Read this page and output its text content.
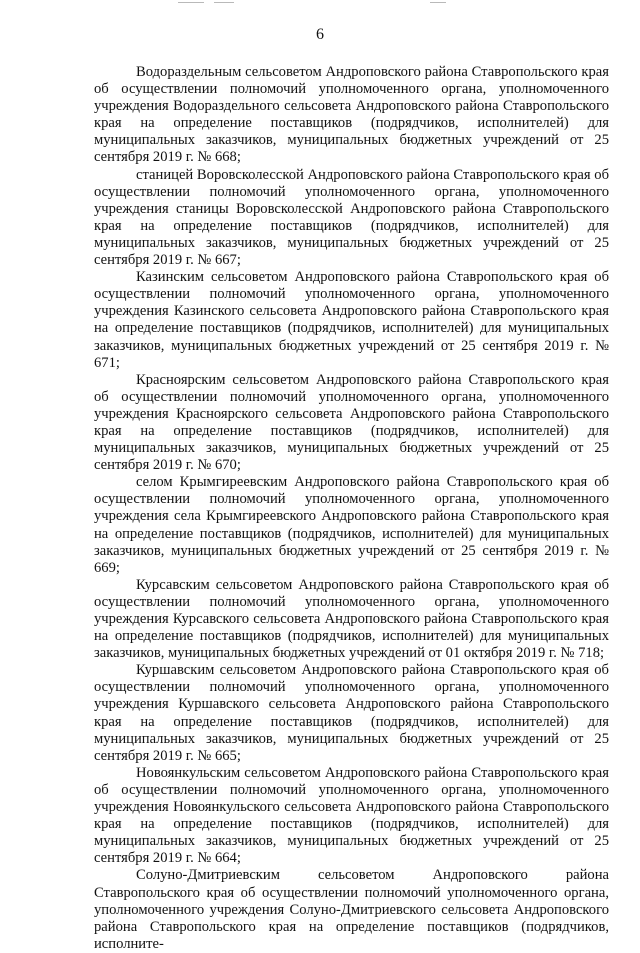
6

Водораздельным сельсоветом Андроповского района Ставропольского края об осуществлении полномочий уполномоченного органа, уполномоченного учреждения Водораздельного сельсовета Андроповского района Ставропольского края на определение поставщиков (подрядчиков, исполнителей) для муниципальных заказчиков, муниципальных бюджетных учреждений от 25 сентября 2019 г. № 668;

станицей Воровсколесской Андроповского района Ставропольского края об осуществлении полномочий уполномоченного органа, уполномоченного учреждения станицы Воровсколесской Андроповского района Ставропольского края на определение поставщиков (подрядчиков, исполнителей) для муниципальных заказчиков, муниципальных бюджетных учреждений от 25 сентября 2019 г. № 667;

Казинским сельсоветом Андроповского района Ставропольского края об осуществлении полномочий уполномоченного органа, уполномоченного учреждения Казинского сельсовета Андроповского района Ставропольского края на определение поставщиков (подрядчиков, исполнителей) для муниципальных заказчиков, муниципальных бюджетных учреждений от 25 сентября 2019 г. № 671;

Красноярским сельсоветом Андроповского района Ставропольского края об осуществлении полномочий уполномоченного органа, уполномоченного учреждения Красноярского сельсовета Андроповского района Ставропольского края на определение поставщиков (подрядчиков, исполнителей) для муниципальных заказчиков, муниципальных бюджетных учреждений от 25 сентября 2019 г. № 670;

селом Крымгиреевским Андроповского района Ставропольского края об осуществлении полномочий уполномоченного органа, уполномоченного учреждения села Крымгиреевского Андроповского района Ставропольского края на определение поставщиков (подрядчиков, исполнителей) для муниципальных заказчиков, муниципальных бюджетных учреждений от 25 сентября 2019 г. № 669;

Курсавским сельсоветом Андроповского района Ставропольского края об осуществлении полномочий уполномоченного органа, уполномоченного учреждения Курсавского сельсовета Андроповского района Ставропольского края на определение поставщиков (подрядчиков, исполнителей) для муниципальных заказчиков, муниципальных бюджетных учреждений от 01 октября 2019 г. № 718;

Куршавским сельсоветом Андроповского района Ставропольского края об осуществлении полномочий уполномоченного органа, уполномоченного учреждения Куршавского сельсовета Андроповского района Ставропольского края на определение поставщиков (подрядчиков, исполнителей) для муниципальных заказчиков, муниципальных бюджетных учреждений от 25 сентября 2019 г. № 665;

Новоянкульским сельсоветом Андроповского района Ставропольского края об осуществлении полномочий уполномоченного органа, уполномоченного учреждения Новоянкульского сельсовета Андроповского района Ставропольского края на определение поставщиков (подрядчиков, исполнителей) для муниципальных заказчиков, муниципальных бюджетных учреждений от 25 сентября 2019 г. № 664;

Солуно-Дмитриевским сельсоветом Андроповского района Ставропольского края об осуществлении полномочий уполномоченного органа, уполномоченного учреждения Солуно-Дмитриевского сельсовета Андроповского района Ставропольского края на определение поставщиков (подрядчиков, исполните-
